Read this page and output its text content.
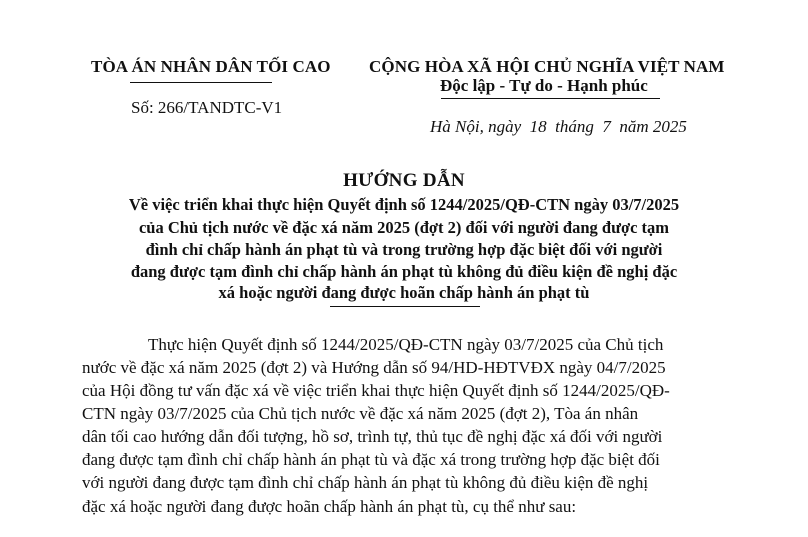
TÒA ÁN NHÂN DÂN TỐI CAO
Số: 266/TANDTC-V1
CỘNG HÒA XÃ HỘI CHỦ NGHĨA VIỆT NAM
Độc lập - Tự do - Hạnh phúc
Hà Nội, ngày  18  tháng  7  năm 2025
HƯỚNG DẪN
Về việc triển khai thực hiện Quyết định số 1244/2025/QĐ-CTN ngày 03/7/2025
của Chủ tịch nước về đặc xá năm 2025 (đợt 2) đối với người đang được tạm
đình chỉ chấp hành án phạt tù và trong trường hợp đặc biệt đối với người
đang được tạm đình chỉ chấp hành án phạt tù không đủ điều kiện đề nghị đặc
xá hoặc người đang được hoãn chấp hành án phạt tù
Thực hiện Quyết định số 1244/2025/QĐ-CTN ngày 03/7/2025 của Chủ tịch
nước về đặc xá năm 2025 (đợt 2) và Hướng dẫn số 94/HD-HĐTVĐX ngày 04/7/2025
của Hội đồng tư vấn đặc xá về việc triển khai thực hiện Quyết định số 1244/2025/QĐ-
CTN ngày 03/7/2025 của Chủ tịch nước về đặc xá năm 2025 (đợt 2), Tòa án nhân
dân tối cao hướng dẫn đối tượng, hồ sơ, trình tự, thủ tục đề nghị đặc xá đối với người
đang được tạm đình chỉ chấp hành án phạt tù và đặc xá trong trường hợp đặc biệt đối
với người đang được tạm đình chỉ chấp hành án phạt tù không đủ điều kiện đề nghị
đặc xá hoặc người đang được hoãn chấp hành án phạt tù, cụ thể như sau:
